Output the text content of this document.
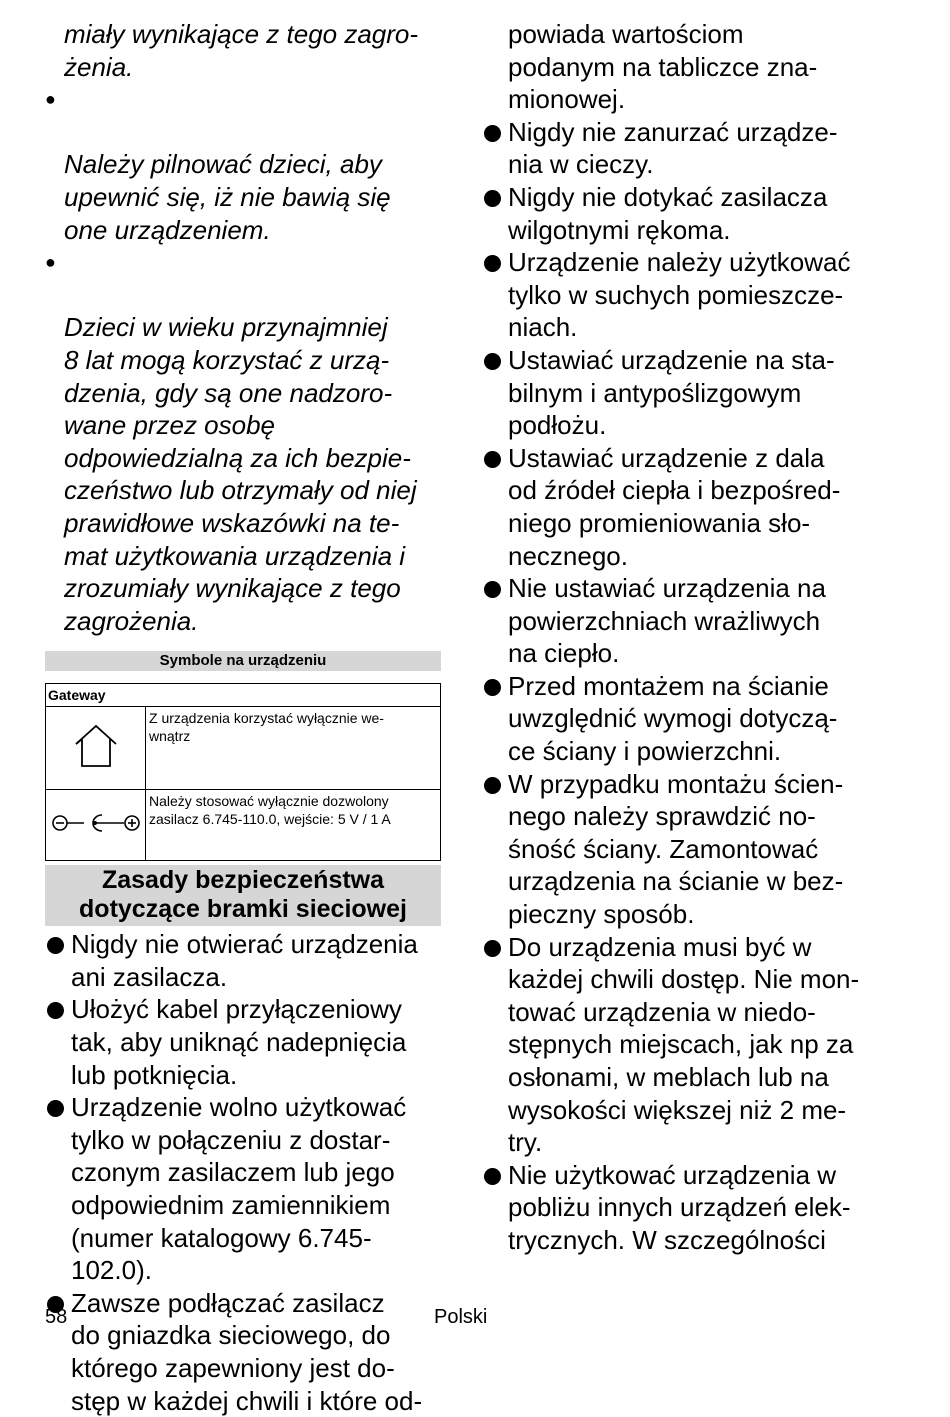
miały wynikające z tego zagro-
żenia.

●

Należy pilnować dzieci, aby
upewnić się, iż nie bawią się
one urządzeniem.

●

Dzieci w wieku przynajmniej
8 lat mogą korzystać z urzą-
dzenia, gdy są one nadzoro-
wane przez osobę
odpowiedzialną za ich bezpie-
czeństwo lub otrzymały od niej
prawidłowe wskazówki na te-
mat użytkowania urządzenia i
zrozumiały wynikające z tego
zagrożenia.

Symbole na urządzeniu
Gateway	
	Z urządzenia korzystać wyłącznie we-
wnątrz
	Należy stosować wyłącznie dozwolony
zasilacz 6.745-110.0, wejście: 5 V / 1 A
Zasady bezpieczeństwa
dotyczące bramki sieciowej
Nigdy nie otwierać urządzenia
ani zasilacza.
Ułożyć kabel przyłączeniowy
tak, aby uniknąć nadepnięcia
lub potknięcia.
Urządzenie wolno użytkować
tylko w połączeniu z dostar-
czonym zasilaczem lub jego
odpowiednim zamiennikiem
(numer katalogowy 6.745-
102.0).
Zawsze podłączać zasilacz
do gniazdka sieciowego, do
którego zapewniony jest do-
stęp w każdej chwili i które od-
powiada wartościom
podanym na tabliczce zna-
mionowej.
Nigdy nie zanurzać urządze-
nia w cieczy.
Nigdy nie dotykać zasilacza
wilgotnymi rękoma.
Urządzenie należy użytkować
tylko w suchych pomieszcze-
niach.
Ustawiać urządzenie na sta-
bilnym i antypoślizgowym
podłożu.
Ustawiać urządzenie z dala
od źródeł ciepła i bezpośred-
niego promieniowania sło-
necznego.
Nie ustawiać urządzenia na
powierzchniach wrażliwych
na ciepło.
Przed montażem na ścianie
uwzględnić wymogi dotyczą-
ce ściany i powierzchni.
W przypadku montażu ścien-
nego należy sprawdzić no-
śność ściany. Zamontować
urządzenia na ścianie w bez-
pieczny sposób.
Do urządzenia musi być w
każdej chwili dostęp. Nie mon-
tować urządzenia w niedo-
stępnych miejscach, jak np za
osłonami, w meblach lub na
wysokości większej niż 2 me-
try.
Nie użytkować urządzenia w
pobliżu innych urządzeń elek-
trycznych. W szczególności
58	Polski
